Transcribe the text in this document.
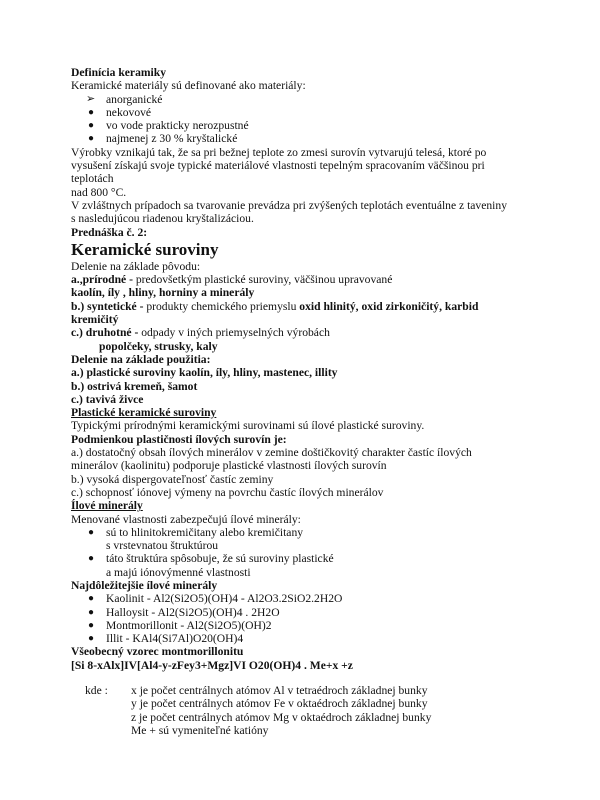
Definícia keramiky
Keramické materiály sú definované ako materiály:
➢ anorganické
● nekovové
● vo vode prakticky nerozpustné
● najmenej z 30 % kryštalické
Výrobky vznikajú tak, že sa pri bežnej teplote zo zmesi surovín vytvarujú telesá, ktoré po
vysušení získajú svoje typické materiálové vlastnosti tepelným spracovaním väčšinou pri
teplotách
nad 800 °C.
V zvláštnych prípadoch sa tvarovanie prevádza pri zvýšených teplotách eventuálne z taveniny
s nasledujúcou riadenou kryštalizáciou.
Prednáška č. 2:
Keramické suroviny
Delenie na základe pôvodu:
a.,prírodné - predovšetkým plastické suroviny, väčšinou upravované
kaolín, íly , hliny, horniny a minerály
b.) syntetické - produkty chemického priemyslu oxid hlinitý, oxid zirkoničitý, karbid
kremičitý
c.) druhotné - odpady v iných priemyselných výrobách
popolčeky, strusky, kaly
Delenie na základe použitia:
a.) plastické suroviny kaolín, íly, hliny, mastenec, illity
b.) ostrivá kremeň, šamot
c.) tavivá živce
Plastické keramické suroviny
Typickými prírodnými keramickými surovinami sú ílové plastické suroviny.
Podmienkou plastičnosti ílových surovín je:
a.) dostatočný obsah ílových minerálov v zemine doštičkovitý charakter častíc ílových
minerálov (kaolinitu) podporuje plastické vlastnosti ílových surovín
b.) vysoká dispergovateľnosť častíc zeminy
c.) schopnosť iónovej výmeny na povrchu častíc ílových minerálov
Ílové minerály
Menované vlastnosti zabezpečujú ílové minerály:
● sú to hlinitokremičitany alebo kremičitany
s vrstevnatou štruktúrou
● táto štruktúra spôsobuje, že sú suroviny plastické
a majú iónovýmenné vlastnosti
Najdôležitejšie ílové minerály
● Kaolinit - Al2(Si2O5)(OH)4 - Al2O3.2SiO2.2H2O
● Halloysit - Al2(Si2O5)(OH)4 . 2H2O
● Montmorillonit - Al2(Si2O5)(OH)2
● Illit - KAl4(Si7Al)O20(OH)4
Všeobecný vzorec montmorillonitu
[Si 8-xAlx]IV[Al4-y-zFey3+Mgz]VI O20(OH)4 . Me+x +z
kde : x je počet centrálnych atómov Al v tetraédroch základnej bunky
y je počet centrálnych atómov Fe v oktaédroch základnej bunky
z je počet centrálnych atómov Mg v oktaédroch základnej bunky
Me + sú vymeniteľné katióny
